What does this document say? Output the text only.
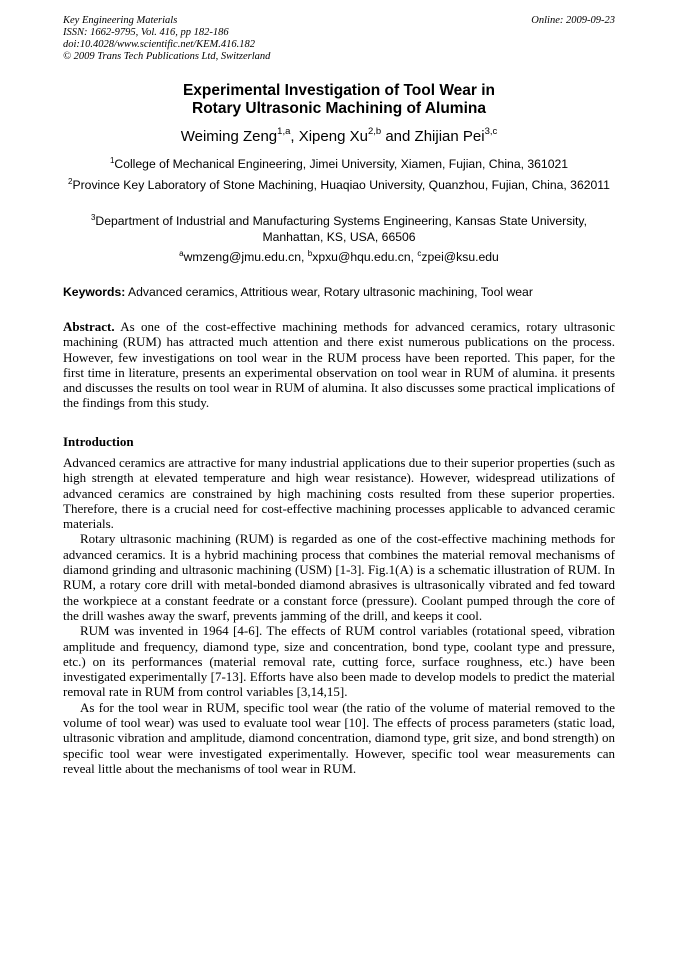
Key Engineering Materials
ISSN: 1662-9795, Vol. 416, pp 182-186
doi:10.4028/www.scientific.net/KEM.416.182
© 2009 Trans Tech Publications Ltd, Switzerland
Online: 2009-09-23
Experimental Investigation of Tool Wear in
Rotary Ultrasonic Machining of Alumina
Weiming Zeng$^{1,a}$, Xipeng Xu$^{2,b}$ and Zhijian Pei$^{3,c}$
$^1$College of Mechanical Engineering, Jimei University, Xiamen, Fujian, China, 361021
$^2$Province Key Laboratory of Stone Machining, Huaqiao University, Quanzhou, Fujian, China, 362011
$^3$Department of Industrial and Manufacturing Systems Engineering, Kansas State University, Manhattan, KS, USA, 66506
$^a$wmzeng@jmu.edu.cn, $^b$xpxu@hqu.edu.cn, $^c$zpei@ksu.edu
Keywords: Advanced ceramics, Attritious wear, Rotary ultrasonic machining, Tool wear
Abstract. As one of the cost-effective machining methods for advanced ceramics, rotary ultrasonic machining (RUM) has attracted much attention and there exist numerous publications on the process. However, few investigations on tool wear in the RUM process have been reported. This paper, for the first time in literature, presents an experimental observation on tool wear in RUM of alumina. it presents and discusses the results on tool wear in RUM of alumina. It also discusses some practical implications of the findings from this study.
Introduction

Advanced ceramics are attractive for many industrial applications due to their superior properties (such as high strength at elevated temperature and high wear resistance). However, widespread utilizations of advanced ceramics are constrained by high machining costs resulted from these superior properties. Therefore, there is a crucial need for cost-effective machining processes applicable to advanced ceramic materials.

Rotary ultrasonic machining (RUM) is regarded as one of the cost-effective machining methods for advanced ceramics. It is a hybrid machining process that combines the material removal mechanisms of diamond grinding and ultrasonic machining (USM) [1-3]. Fig.1(A) is a schematic illustration of RUM. In RUM, a rotary core drill with metal-bonded diamond abrasives is ultrasonically vibrated and fed toward the workpiece at a constant feedrate or a constant force (pressure). Coolant pumped through the core of the drill washes away the swarf, prevents jamming of the drill, and keeps it cool.

RUM was invented in 1964 [4-6]. The effects of RUM control variables (rotational speed, vibration amplitude and frequency, diamond type, size and concentration, bond type, coolant type and pressure, etc.) on its performances (material removal rate, cutting force, surface roughness, etc.) have been investigated experimentally [7-13]. Efforts have also been made to develop models to predict the material removal rate in RUM from control variables [3,14,15].

As for the tool wear in RUM, specific tool wear (the ratio of the volume of material removed to the volume of tool wear) was used to evaluate tool wear [10]. The effects of process parameters (static load, ultrasonic vibration and amplitude, diamond concentration, diamond type, grit size, and bond strength) on specific tool wear were investigated experimentally. However, specific tool wear measurements can reveal little about the mechanisms of tool wear in RUM.
